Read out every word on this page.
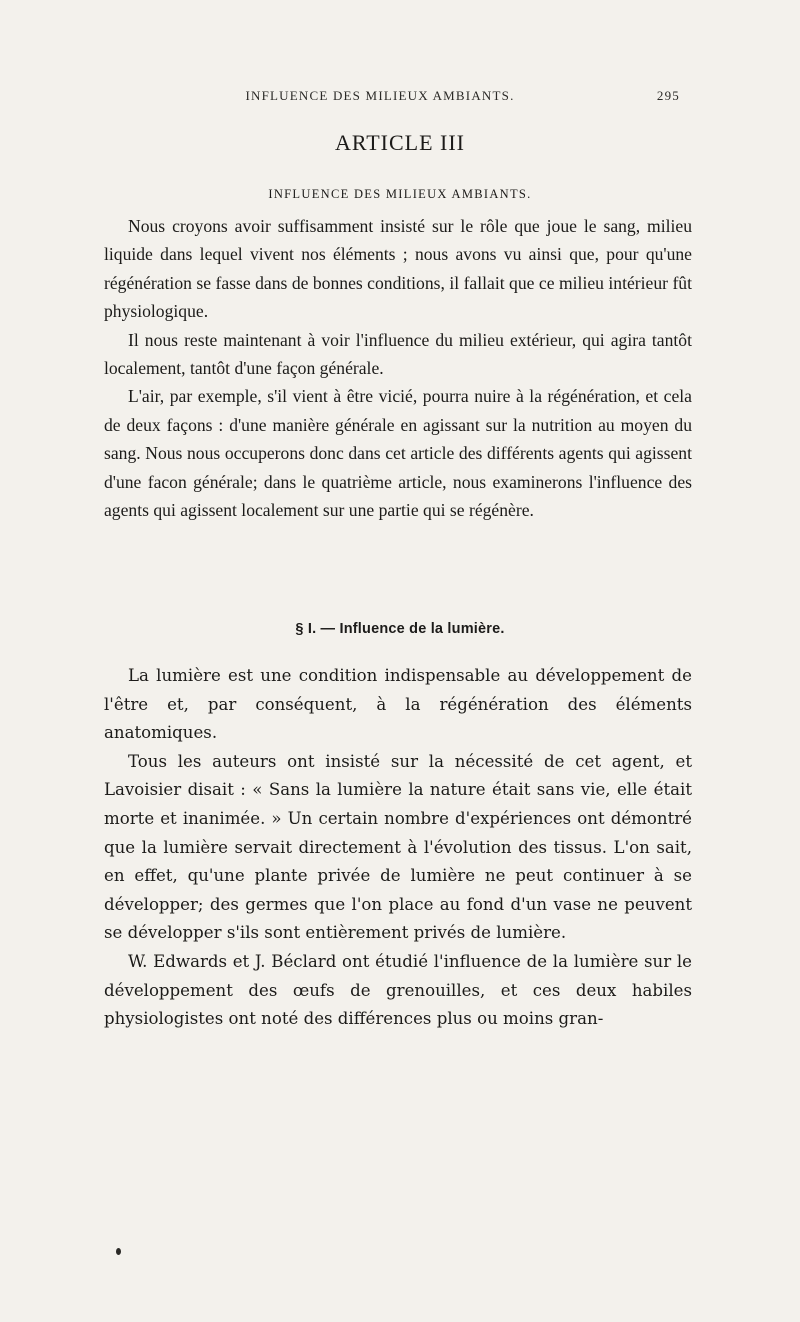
INFLUENCE DES MILIEUX AMBIANTS.	295
ARTICLE III
INFLUENCE DES MILIEUX AMBIANTS.

Nous croyons avoir suffisamment insisté sur le rôle que joue le sang, milieu liquide dans lequel vivent nos éléments ; nous avons vu ainsi que, pour qu'une régénération se fasse dans de bonnes conditions, il fallait que ce milieu intérieur fût physiologique.

Il nous reste maintenant à voir l'influence du milieu extérieur, qui agira tantôt localement, tantôt d'une façon générale.

L'air, par exemple, s'il vient à être vicié, pourra nuire à la régénération, et cela de deux façons : d'une manière générale en agissant sur la nutrition au moyen du sang. Nous nous occuperons donc dans cet article des différents agents qui agissent d'une facon générale; dans le quatrième article, nous examinerons l'influence des agents qui agissent localement sur une partie qui se régénère.

§ I. — Influence de la lumière.

La lumière est une condition indispensable au développement de l'être et, par conséquent, à la régénération des éléments anatomiques.

Tous les auteurs ont insisté sur la nécessité de cet agent, et Lavoisier disait : « Sans la lumière la nature était sans vie, elle était morte et inanimée. » Un certain nombre d'expériences ont démontré que la lumière servait directement à l'évolution des tissus. L'on sait, en effet, qu'une plante privée de lumière ne peut continuer à se développer; des germes que l'on place au fond d'un vase ne peuvent se développer s'ils sont entièrement privés de lumière.

W. Edwards et J. Béclard ont étudié l'influence de la lumière sur le développement des œufs de grenouilles, et ces deux habiles physiologistes ont noté des différences plus ou moins gran-
